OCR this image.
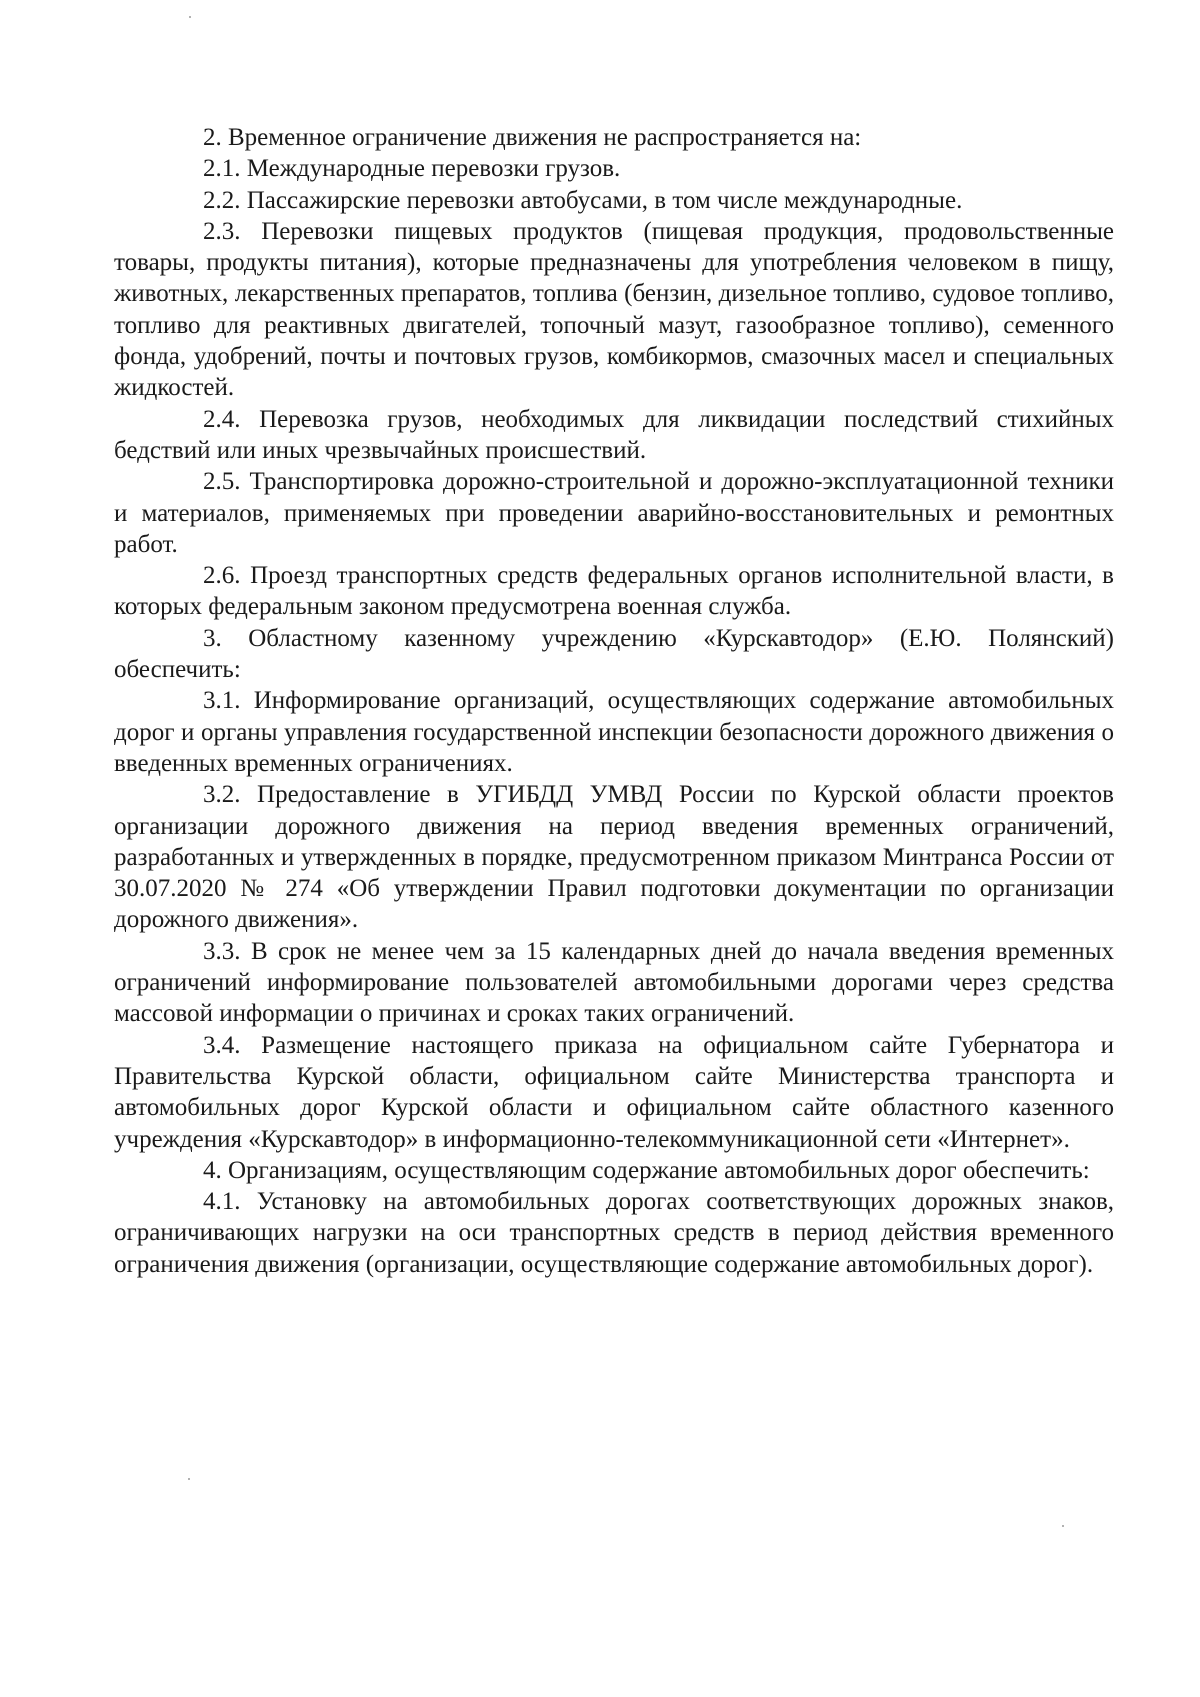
2. Временное ограничение движения не распространяется на:

2.1. Международные перевозки грузов.

2.2. Пассажирские перевозки автобусами, в том числе международные.

2.3. Перевозки пищевых продуктов (пищевая продукция, продовольственные товары, продукты питания), которые предназначены для употребления человеком в пищу, животных, лекарственных препаратов, топлива (бензин, дизельное топливо, судовое топливо, топливо для реактивных двигателей, топочный мазут, газообразное топливо), семенного фонда, удобрений, почты и почтовых грузов, комбикормов, смазочных масел и специальных жидкостей.

2.4. Перевозка грузов, необходимых для ликвидации последствий стихийных бедствий или иных чрезвычайных происшествий.

2.5. Транспортировка дорожно-строительной и дорожно-эксплуатационной техники и материалов, применяемых при проведении аварийно-восстановительных и ремонтных работ.

2.6. Проезд транспортных средств федеральных органов исполнительной власти, в которых федеральным законом предусмотрена военная служба.

3. Областному казенному учреждению «Курскавтодор» (Е.Ю. Полянский) обеспечить:

3.1. Информирование организаций, осуществляющих содержание автомобильных дорог и органы управления государственной инспекции безопасности дорожного движения о введенных временных ограничениях.

3.2. Предоставление в УГИБДД УМВД России по Курской области проектов организации дорожного движения на период введения временных ограничений, разработанных и утвержденных в порядке, предусмотренном приказом Минтранса России от 30.07.2020 № 274 «Об утверждении Правил подготовки документации по организации дорожного движения».

3.3. В срок не менее чем за 15 календарных дней до начала введения временных ограничений информирование пользователей автомобильными дорогами через средства массовой информации о причинах и сроках таких ограничений.

3.4. Размещение настоящего приказа на официальном сайте Губернатора и Правительства Курской области, официальном сайте Министерства транспорта и автомобильных дорог Курской области и официальном сайте областного казенного учреждения «Курскавтодор» в информационно-телекоммуникационной сети «Интернет».

4. Организациям, осуществляющим содержание автомобильных дорог обеспечить:

4.1. Установку на автомобильных дорогах соответствующих дорожных знаков, ограничивающих нагрузки на оси транспортных средств в период действия временного ограничения движения (организации, осуществляющие содержание автомобильных дорог).
